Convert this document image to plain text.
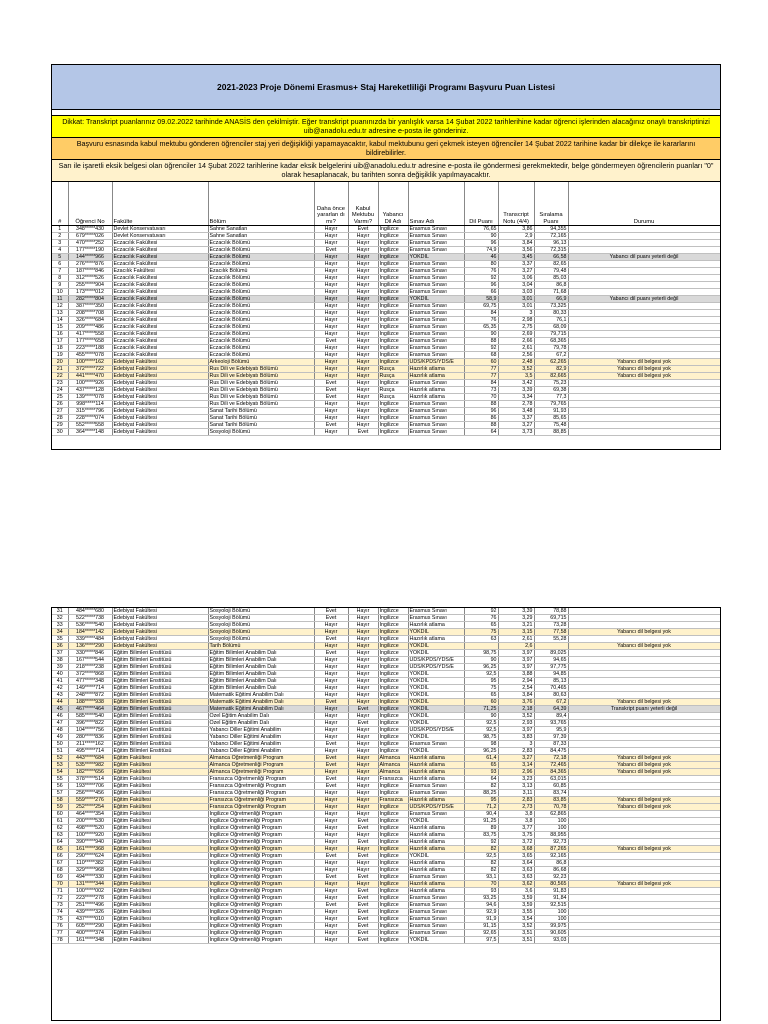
2021-2023 Proje Dönemi Erasmus+ Staj Hareketliliği Programı Başvuru Puan Listesi
Dikkat: Transkript puanlarınız 09.02.2022 tarihinde ANASİS den çekilmiştir. Eğer transkript puanınızda bir yanlışlık varsa 14 Şubat 2022 tarihlerihine kadar öğrenci işlerinden alacağınız onaylı transkriptinizi uib@anadolu.edu.tr adresine e-posta ile gönderiniz.
Başvuru esnasında kabul mektubu gönderen öğrenciler staj yeri değişikliği yapamayacaktır, kabul mektubunu geri çekmek isteyen öğrenciler 14 Şubat 2022 tarihine kadar bir dilekçe ile kararlarını bildirebilirler.
Sarı ile işaretli eksik belgesi olan öğrenciler 14 Şubat 2022 tarihlerine kadar eksik belgelerini uib@anadolu.edu.tr adresine e-posta ile göndermesi gerekmektedir, belge göndermeyen öğrencilerin puanları "0" olarak hesaplanacak, bu tarihten sonra değişiklik yapılmayacaktır.
#	Öğrenci No	Fakülte	Bölüm	Daha önce yararlan dı mı?	Kabul Mektubu Varmı?	Yabancı Dil Adı	Sınav Adı	Dil Puanı	Transcript Notu (4/4)	Sıralama Puanı	Durumu
1	348*****430	Devlet Konservatuvarı	Sahne Sanatları	Hayır	Evet	İngilizce	Erasmus Sınavı	76,65	3,86	94,355	
2	679*****026	Devlet Konservatuvarı	Sahne Sanatları	Hayır	Hayır	İngilizce	Erasmus Sınavı	90	2,9	72,165	
3	470*****252	Eczacılık Fakültesi	Eczacılık Bölümü	Hayır	Hayır	İngilizce	Erasmus Sınavı	96	3,84	96,13	
4	177*****190	Eczacılık Fakültesi	Eczacılık Bölümü	Evet	Hayır	İngilizce	Erasmus Sınavı	74,9	3,56	72,315	
5	144*****966	Eczacılık Fakültesi	Eczacılık Bölümü	Hayır	Hayır	İngilizce	YÖKDİL	46	3,45	66,58	Yabancı dil puanı yeterli değil
6	276*****876	Eczacılık Fakültesi	Eczacılık Bölümü	Hayır	Hayır	İngilizce	Erasmus Sınavı	80	3,37	82,65	
7	187*****846	Ezacılık Fakültesi	Ezacılık Bölümü	Hayır	Hayır	İngilizce	Erasmus Sınavı	76	3,27	79,48	
8	312*****526	Eczacılık Fakültesi	Eczacılık Bölümü	Hayır	Hayır	İngilizce	Erasmus Sınavı	92	3,06	85,03	
9	255*****904	Eczacılık Fakültesi	Eczacılık Bölümü	Hayır	Hayır	İngilizce	Erasmus Sınavı	96	3,04	86,8	
10	173*****012	Eczacılık Fakültesi	Eczacılık Bölümü	Hayır	Hayır	İngilizce	Erasmus Sınavı	66	3,03	71,68	
11	282*****804	Eczacılık Fakültesi	Eczacılık Bölümü	Hayır	Hayır	İngilizce	YÖKDİL	58,9	3,01	66,9	Yabancı dil puanı yeterli değil
12	387*****350	Eczacılık Fakültesi	Eczacılık Bölümü	Hayır	Hayır	İngilizce	Erasmus Sınavı	69,75	3,01	73,325	
13	208*****708	Eczacılık Fakültesi	Eczacılık Bölümü	Hayır	Hayır	İngilizce	Erasmus Sınavı	84	3	80,33	
14	326*****684	Eczacılık Fakültesi	Eczacılık Bölümü	Hayır	Hayır	İngilizce	Erasmus Sınavı	76	2,98	76,1	
15	209*****486	Eczacılık Fakültesi	Eczacılık Bölümü	Hayır	Hayır	İngilizce	Erasmus Sınavı	65,35	2,75	68,09	
16	417*****558	Eczacılık Fakültesi	Eczacılık Bölümü	Hayır	Hayır	İngilizce	Erasmus Sınavı	90	2,69	79,715	
17	177*****658	Eczacılık Fakültesi	Eczacılık Bölümü	Evet	Hayır	İngilizce	Erasmus Sınavı	88	2,66	68,365	
18	223*****188	Eczacılık Fakültesi	Eczacılık Bölümü	Hayır	Hayır	İngilizce	Erasmus Sınavı	92	2,61	79,78	
19	455*****078	Eczacılık Fakültesi	Eczacılık Bölümü	Hayır	Hayır	İngilizce	Erasmus Sınavı	68	2,56	67,2	
20	100*****162	Edebiyat Fakültesi	Arkeoloji Bölümü	Hayır	Hayır	İngilizce	ÜDS/KPDS/YDS/E	60	2,48	62,265	Yabancı dil belgesi yok
21	372*****722	Edebiyat Fakültesi	Rus Dili ve Edebiyatı Bölümü	Hayır	Hayır	Rusça	Hazırlık atlama	77	3,52	82,9	Yabancı dil belgesi yok
22	441*****470	Edebiyat Fakültesi	Rus Dili ve Edebiyatı Bölümü	Hayır	Hayır	Rusça	Hazırlık atlama	77	3,5	82,665	Yabancı dil belgesi yok
23	100*****926	Edebiyat Fakültesi	Rus Dili ve Edebiyatı Bölümü	Evet	Hayır	İngilizce	Erasmus Sınavı	84	3,42	75,23	
24	437*****128	Edebiyat Fakültesi	Rus Dili ve Edebiyatı Bölümü	Evet	Hayır	Rusça	Hazırlık atlama	73	3,39	69,38	
25	139*****078	Edebiyat Fakültesi	Rus Dili ve Edebiyatı Bölümü	Evet	Hayır	Rusça	Hazırlık atlama	70	3,34	77,3	
26	998*****114	Edebiyat Fakültesi	Rus Dili ve Edebiyatı Bölümü	Hayır	Hayır	İngilizce	Erasmus Sınavı	88	2,78	79,765	
27	315*****796	Edebiyat Fakültesi	Sanat Tarihi Bölümü	Hayır	Hayır	İngilizce	Erasmus Sınavı	96	3,48	91,93	
28	228*****074	Edebiyat Fakültesi	Sanat Tarihi Bölümü	Hayır	Hayır	İngilizce	Erasmus Sınavı	86	3,37	85,65	
29	552*****558	Edebiyat Fakültesi	Sanat Tarihi Bölümü	Evet	Hayır	İngilizce	Erasmus Sınavı	88	3,27	75,48	
30	364*****148	Edebiyat Fakültesi	Sosyoloji Bölümü	Hayır	Evet	İngilizce	Erasmus Sınavı	64	3,73	88,85	
31	484*****680	Edebiyat Fakültesi	Sosyoloji Bölümü	Evet	Hayır	İngilizce	Erasmus Sınavı	92	3,39	78,88	
32	522*****738	Edebiyat Fakültesi	Sosyoloji Bölümü	Evet	Hayır	İngilizce	Erasmus Sınavı	76	3,29	69,715	
33	536*****540	Edebiyat Fakültesi	Sosyoloji Bölümü	Hayır	Hayır	İngilizce	Hazırlık atlama	65	3,21	73,28	
34	184*****142	Edebiyat Fakültesi	Sosyoloji Bölümü	Hayır	Hayır	İngilizce	YÖKDİL	75	3,15	77,58	Yabancı dil belgesi yok
35	339*****484	Edebiyat Fakültesi	Sosyoloji Bölümü	Evet	Hayır	İngilizce	Hazırlık atlama	63	2,61	55,28	
36	136*****290	Edebiyat Fakültesi	Tarih Bölümü	Hayır	Hayır	İngilizce	YÖKDİL		2,6		Yabancı dil belgesi yok
37	330*****846	Eğitim Bilimleri Enstitüsü	Eğitim Bilimleri Anabilim Dalı	Evet	Hayır	İngilizce	YÖKDİL	98,75	3,97	89,025	
38	167*****544	Eğitim Bilimleri Enstitüsü	Eğitim Bilimleri Anabilim Dalı	Hayır	Hayır	İngilizce	ÜDS/KPDS/YDS/E	90	3,97	94,65	
39	218*****238	Eğitim Bilimleri Enstitüsü	Eğitim Bilimleri Anabilim Dalı	Hayır	Hayır	İngilizce	ÜDS/KPDS/YDS/E	96,25	3,97	97,775	
40	372*****868	Eğitim Bilimleri Enstitüsü	Eğitim Bilimleri Anabilim Dalı	Hayır	Hayır	İngilizce	YÖKDİL	92,5	3,88	94,85	
41	477*****348	Eğitim Bilimleri Enstitüsü	Eğitim Bilimleri Anabilim Dalı	Hayır	Hayır	İngilizce	YÖKDİL	95	2,94	85,13	
42	149*****714	Eğitim Bilimleri Enstitüsü	Eğitim Bilimleri Anabilim Dalı	Hayır	Hayır	İngilizce	YÖKDİL	75	2,54	70,465	
43	248*****872	Eğitim Bilimleri Enstitüsü	Matematik Eğitimi Anabilim Dalı	Hayır	Hayır	İngilizce	YÖKDİL	65	3,84	80,63	
44	188*****938	Eğitim Bilimleri Enstitüsü	Matematik Eğitimi Anabilim Dalı	Evet	Hayır	İngilizce	YÖKDİL	60	3,76	67,2	Yabancı dil belgesi yok
45	467*****464	Eğitim Bilimleri Enstitüsü	Matematik Eğitimi Anabilim Dalı	Hayır	Evet	İngilizce	YÖKDİL	71,25	2,18	64,39	Transkript puanı yeterli değil
46	585*****540	Eğitim Bilimleri Enstitüsü	Özel Eğitim Anabilim Dalı	Hayır	Hayır	İngilizce	YÖKDİL	90	3,52	89,4	
47	396*****822	Eğitim Bilimleri Enstitüsü	Özel Eğitim Anabilim Dalı	Hayır	Evet	İngilizce	YÖKDİL	92,5	2,93	93,765	
48	104*****756	Eğitim Bilimleri Enstitüsü	Yabancı Diller Eğitimi Anabilim	Hayır	Hayır	İngilizce	ÜDS/KPDS/YDS/E	92,5	3,97	95,9	
49	280*****836	Eğitim Bilimleri Enstitüsü	Yabancı Diller Eğitimi Anabilim	Hayır	Hayır	İngilizce	YÖKDİL	98,75	3,83	97,39	
50	211*****162	Eğitim Bilimleri Enstitüsü	Yabancı Diller Eğitimi Anabilim	Evet	Hayır	İngilizce	Erasmus Sınavı	98	3	87,33	
51	495*****714	Eğitim Bilimleri Enstitüsü	Yabancı Diller Eğitimi Anabilim	Hayır	Hayır	İngilizce	YÖKDİL	96,25	2,83	84,475	
52	443*****684	Eğitim Fakültesi	Almanca Öğretmenliği Program	Evet	Hayır	Almanca	Hazırlık atlama	61,4	3,27	72,18	Yabancı dil belgesi yok
53	535*****982	Eğitim Fakültesi	Almanca Öğretmenliği Program	Evet	Hayır	Almanca	Hazırlık atlama	65	3,14	72,465	Yabancı dil belgesi yok
54	182*****656	Eğitim Fakültesi	Almanca Öğretmenliği Program	Hayır	Hayır	Almanca	Hazırlık atlama	93	2,96	84,365	Yabancı dil belgesi yok
55	378*****514	Eğitim Fakültesi	Fransızca Öğretmenliği Program	Evet	Hayır	Fransızca	Hazırlık atlama	64	3,23	63,015	
56	193*****706	Eğitim Fakültesi	Fransızca Öğretmenliği Program	Evet	Hayır	İngilizce	Erasmus Sınavı	82	3,13	60,85	
57	256*****456	Eğitim Fakültesi	Fransızca Öğretmenliği Program	Hayır	Hayır	İngilizce	Erasmus Sınavı	88,25	3,11	83,74	
58	559*****276	Eğitim Fakültesi	Fransızca Öğretmenliği Program	Hayır	Hayır	Fransızca	Hazırlık atlama	95	2,83	83,85	Yabancı dil belgesi yok
59	252*****254	Eğitim Fakültesi	Fransızca Öğretmenliği Program	Hayır	Hayır	İngilizce	ÜDS/KPDS/YDS/E	71,2	2,73	70,78	Yabancı dil belgesi yok
60	464*****354	Eğitim Fakültesi	İngilizce Öğretmenliği Program	Hayır	Hayır	İngilizce	Erasmus Sınavı	90,4	3,8	62,865	
61	200*****530	Eğitim Fakültesi	İngilizce Öğretmenliği Program	Hayır	Evet	İngilizce	YÖKDİL	91,25	3,8	100	
62	498*****520	Eğitim Fakültesi	İngilizce Öğretmenliği Program	Hayır	Evet	İngilizce	Hazırlık atlama	89	3,77	100	
63	100*****920	Eğitim Fakültesi	İngilizce Öğretmenliği Program	Hayır	Hayır	İngilizce	Hazırlık atlama	83,75	3,75	88,955	
64	390*****940	Eğitim Fakültesi	İngilizce Öğretmenliği Program	Hayır	Evet	İngilizce	Hazırlık atlama	92	3,72	92,73	
65	161*****368	Eğitim Fakültesi	İngilizce Öğretmenliği Program	Hayır	Hayır	İngilizce	Hazırlık atlama	82	3,68	87,265	Yabancı dil belgesi yok
66	290*****624	Eğitim Fakültesi	İngilizce Öğretmenliği Program	Evet	Evet	İngilizce	YÖKDİL	92,5	3,65	92,165	
67	110*****382	Eğitim Fakültesi	İngilizce Öğretmenliği Program	Hayır	Hayır	İngilizce	Hazırlık atlama	82	3,64	86,8	
68	329*****968	Eğitim Fakültesi	İngilizce Öğretmenliği Program	Hayır	Hayır	İngilizce	Hazırlık atlama	82	3,63	86,68	
69	494*****330	Eğitim Fakültesi	İngilizce Öğretmenliği Program	Evet	Evet	İngilizce	Erasmus Sınavı	93,1	3,63	92,23	
70	131*****344	Eğitim Fakültesi	İngilizce Öğretmenliği Program	Hayır	Hayır	İngilizce	Hazırlık atlama	70	3,62	80,565	Yabancı dil belgesi yok
71	100*****002	Eğitim Fakültesi	İngilizce Öğretmenliği Program	Hayır	Evet	İngilizce	Hazırlık atlama	93	3,6	91,83	
72	223*****278	Eğitim Fakültesi	İngilizce Öğretmenliği Program	Hayır	Evet	İngilizce	Erasmus Sınavı	93,25	3,59	91,84	
73	251*****496	Eğitim Fakültesi	İngilizce Öğretmenliği Program	Evet	Evet	İngilizce	Erasmus Sınavı	94,6	3,59	92,515	
74	439*****326	Eğitim Fakültesi	İngilizce Öğretmenliği Program	Hayır	Evet	İngilizce	Erasmus Sınavı	92,9	3,55	100	
75	437*****010	Eğitim Fakültesi	İngilizce Öğretmenliği Program	Hayır	Evet	İngilizce	Erasmus Sınavı	91,9	3,54	100	
76	605*****290	Eğitim Fakültesi	İngilizce Öğretmenliği Program	Hayır	Evet	İngilizce	Erasmus Sınavı	91,15	3,52	99,975	
77	400*****374	Eğitim Fakültesi	İngilizce Öğretmenliği Program	Hayır	Evet	İngilizce	Erasmus Sınavı	92,65	3,51	90,605	
78	161*****348	Eğitim Fakültesi	İngilizce Öğretmenliği Program	Hayır	Evet	İngilizce	YÖKDİL	97,5	3,51	93,03	
